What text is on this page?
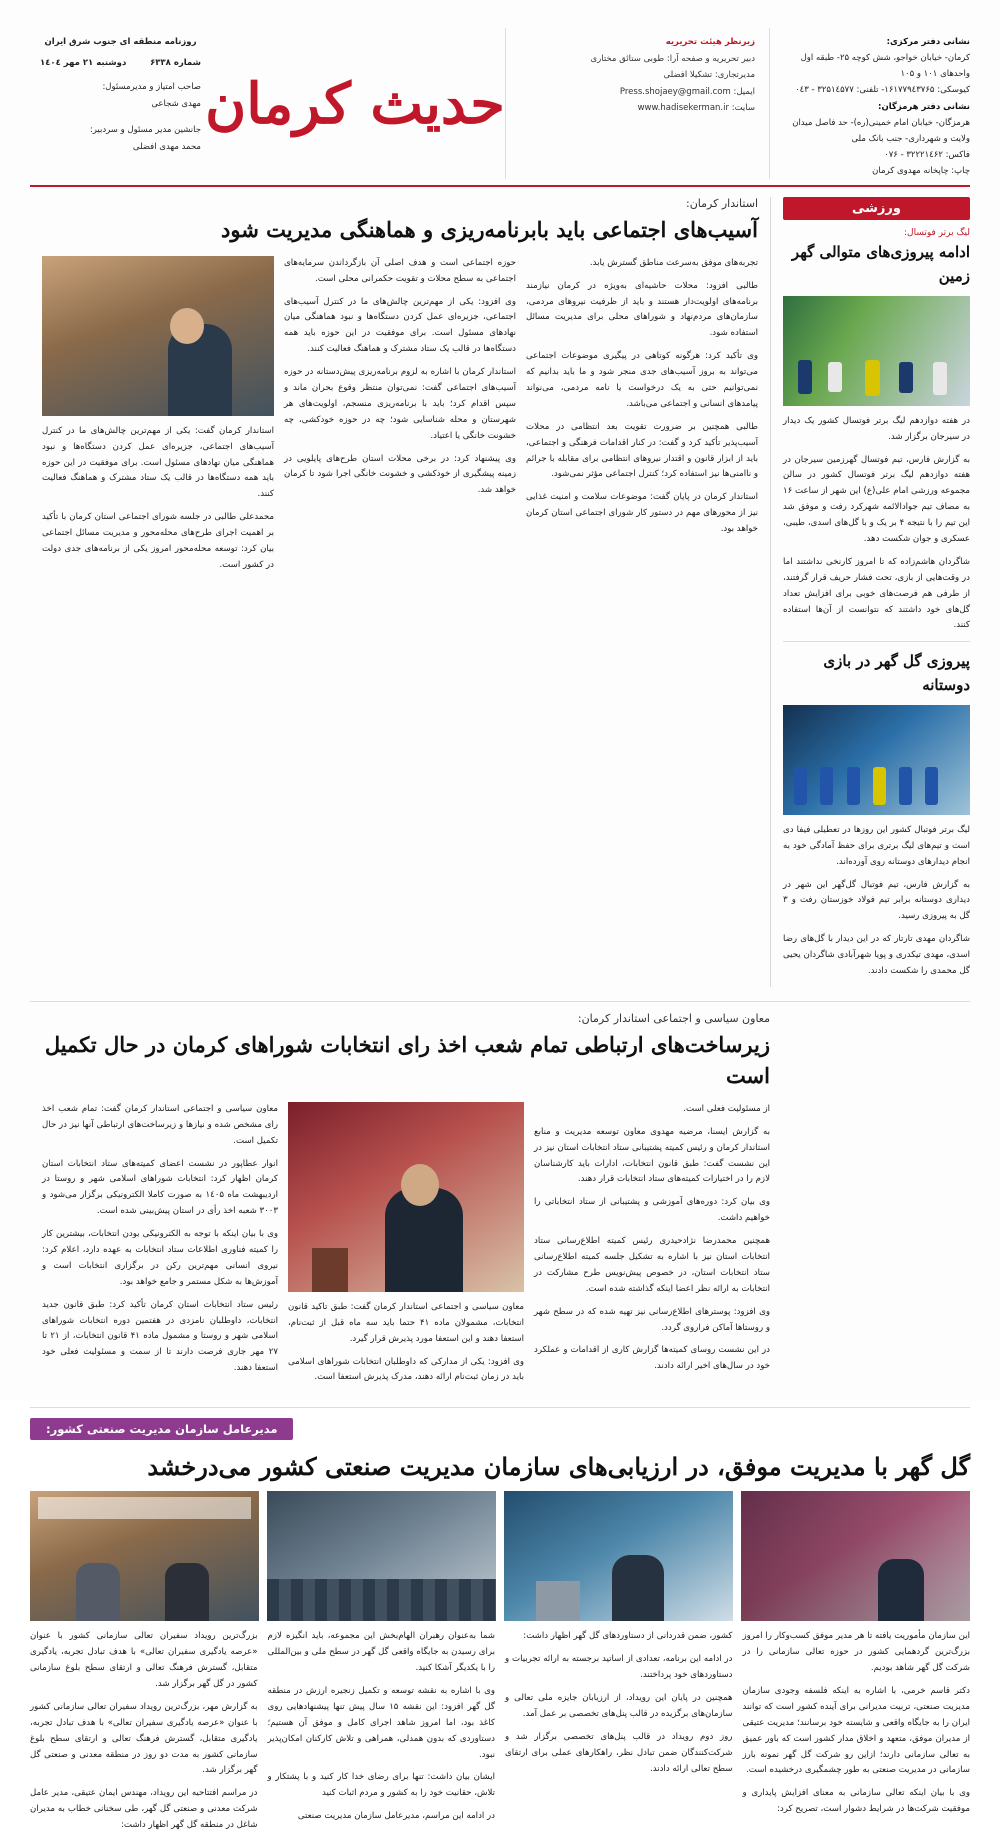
روزنامه منطقه ای جنوب شرق ایران
شماره ۶۳۳۸
دوشنبه ۲۱ مهر ۱٤۰٤
صاحب امتیاز و مدیرمسئول:
مهدی شجاعی
جانشین مدیر مسئول و سردبیر:
محمد مهدی افضلی
حدیث کرمان
زیرنظر هیئت تحریریه
دبیر تحریریه و صفحه آرا: طوبی ستائق مختاری
مدیرتجاری: تشکیلا افضلی
ایمیل: Press.shojaey@gmail.com
سایت: www.hadisekerman.ir
نشانی دفتر مرکزی:
کرمان- خیابان خواجو، شش کوچه ۲۵- طبقه اول واحدهای ۱۰۱ و ۱۰۵
کیوسکی: ۱۶۱۷۷۹٤۳۷۶۵- تلفنی: ۳۲۵۱٤۵۷۷ - ۰٤۳
نشانی دفتر هرمزگان:
هرمزگان- خیابان امام خمینی(ره)- حد فاصل میدان ولایت و شهرداری- جنب بانک ملی
فاکس: ۳۲۲۲۱٤۶۲ - ۰۷۶
چاپ: چاپخانه مهدوی کرمان
ورزشی
لیگ برتر فوتسال:
ادامه پیروزی‌های متوالی گهر زمین

در هفته دوازدهم لیگ برتر فوتسال کشور یک دیدار در سیرجان برگزار شد.

به گزارش فارس، تیم فوتسال گهرزمین سیرجان در هفته دوازدهم لیگ برتر فوتسال کشور در سالن مجموعه ورزشی امام علی(ع) این شهر از ساعت ۱۶ به مصاف تیم جوادالائمه شهرکرد رفت و موفق شد این تیم را با نتیجه ۴ بر یک و با گل‌های اسدی، طیبی، عسکری و جوان شکست دهد.

شاگردان هاشم‌زاده که تا امروز کارنخی نداشتند اما در وقت‌هایی از بازی، تحت فشار حریف قرار گرفتند، از طرفی هم فرصت‌های خوبی برای افزایش تعداد گل‌های خود داشتند که نتوانست از آن‌ها استفاده کنند.

پیروزی گل گهر در بازی دوستانه

لیگ برتر فوتبال کشور این روزها در تعطیلی فیفا دی است و تیم‌های لیگ برتری برای حفظ آمادگی خود به انجام دیدارهای دوستانه روی آورده‌اند.

به گزارش فارس، تیم فوتبال گل‌گهر این شهر در دیداری دوستانه برابر تیم فولاد خوزستان رفت و ۳ گل به پیروزی رسید.

شاگردان مهدی تارتار که در این دیدار با گل‌های رضا اسدی، مهدی تیکدری و پویا شهرآبادی شاگردان یحیی گل محمدی را شکست دادند.

استاندار کرمان:
آسیب‌های اجتماعی باید بابرنامه‌ریزی و هماهنگی مدیریت شود

تجربه‌های موفق به‌سرعت مناطق گسترش یابد.

طالبی افزود: محلات حاشیه‌ای به‌ویژه در کرمان نیازمند برنامه‌های اولویت‌دار هستند و باید از ظرفیت نیروهای مردمی، سازمان‌های مردم‌نهاد و شوراهای محلی برای مدیریت مسائل استفاده شود.

وی تأکید کرد: هرگونه کوتاهی در پیگیری موضوعات اجتماعی می‌تواند به بروز آسیب‌های جدی منجر شود و ما باید بدانیم که نمی‌توانیم حتی به یک درخواست یا نامه مردمی، می‌نواند پیامدهای انسانی و اجتماعی می‌باشد.

طالبی همچنین بر ضرورت تقویت بعد انتظامی در محلات آسیب‌پذیر تأکید کرد و گفت: در کنار اقدامات فرهنگی و اجتماعی، باید از ابزار قانون و اقتدار نیروهای انتظامی برای مقابله با جرائم و ناامنی‌ها نیز استفاده کرد؛ کنترل اجتماعی مؤثر نمی‌شود.

استاندار کرمان در پایان گفت: موضوعات سلامت و امنیت غذایی نیز از محورهای مهم در دستور کار شورای اجتماعی استان کرمان خواهد بود.

حوزه اجتماعی است و هدف اصلی آن بازگرداندن سرمایه‌های اجتماعی به سطح محلات و تقویت حکمرانی محلی است.

وی افزود: یکی از مهم‌ترین چالش‌های ما در کنترل آسیب‌های اجتماعی، جزیره‌ای عمل کردن دستگاه‌ها و نبود هماهنگی میان نهادهای مسئول است. برای موفقیت در این حوزه باید همه دستگاه‌ها در قالب یک ستاد مشترک و هماهنگ فعالیت کنند.

استاندار کرمان با اشاره به لزوم برنامه‌ریزی پیش‌دستانه در حوزه آسیب‌های اجتماعی گفت: نمی‌توان منتظر وقوع بحران ماند و سپس اقدام کرد؛ باید با برنامه‌ریزی منسجم، اولویت‌های هر شهرستان و محله شناسایی شود؛ چه در حوزه خودکشی، چه خشونت خانگی یا اعتیاد.

وی پیشنهاد کرد: در برخی محلات استان طرح‌های پایلویی در زمینه پیشگیری از خودکشی و خشونت خانگی اجرا شود تا کرمان خواهد شد.

استاندار کرمان گفت: یکی از مهم‌ترین چالش‌های ما در کنترل آسیب‌های اجتماعی، جزیره‌ای عمل کردن دستگاه‌ها و نبود هماهنگی میان نهادهای مسئول است. برای موفقیت در این حوزه باید همه دستگاه‌ها در قالب یک ستاد مشترک و هماهنگ فعالیت کنند.

محمدعلی طالبی در جلسه شورای اجتماعی استان کرمان با تأکید بر اهمیت اجرای طرح‌های محله‌محور و مدیریت مسائل اجتماعی بیان کرد: توسعه محله‌محور امروز یکی از برنامه‌های جدی دولت در کشور است.

معاون سیاسی و اجتماعی استاندار کرمان:
زیرساخت‌های ارتباطی تمام شعب اخذ رای انتخابات شوراهای کرمان در حال تکمیل است

از مسئولیت فعلی است.

به گزارش ایسنا، مرضیه مهدوی معاون توسعه مدیریت و منابع استاندار کرمان و رئیس کمیته پشتیبانی ستاد انتخابات استان نیز در این نشست گفت: طبق قانون انتخابات، ادارات باید کارشناسان لازم را در اختیارات کمیته‌های ستاد انتخابات قرار دهند.

وی بیان کرد: دوره‌های آموزشی و پشتیبانی از ستاد انتخاباتی را خواهیم داشت.

همچنین محمدرضا نژادحیدری رئیس کمیته اطلاع‌رسانی ستاد انتخابات استان نیز با اشاره به تشکیل جلسه کمیته اطلاع‌رسانی ستاد انتخابات استان، در خصوص پیش‌نویس طرح مشارکت در انتخابات به ارائه نظر اعضا اینکه گذاشته شده است.

وی افزود: پوسترهای اطلاع‌رسانی نیز تهیه شده که در سطح شهر و روستاها آماکن فراروی گردد.

در این نشست روسای کمیته‌ها گزارش کاری از اقدامات و عملکرد خود در سال‌های اخیر ارائه دادند.

معاون سیاسی و اجتماعی استاندار کرمان گفت: طبق تاکید قانون انتخابات، مشمولان ماده ۴۱ حتما باید سه ماه قبل از ثبت‌نام، استعفا دهند و این استعفا مورد پذیرش قرار گیرد.

وی افزود: یکی از مدارکی که داوطلبان انتخابات شوراهای اسلامی باید در زمان ثبت‌نام ارائه دهند، مدرک پذیرش استعفا است.

معاون سیاسی و اجتماعی استاندار کرمان گفت: تمام شعب اخذ رای مشخص شده و نیازها و زیرساخت‌های ارتباطی آنها نیز در حال تکمیل است.

انوار عطاپور در نشست اعضای کمیته‌های ستاد انتخابات استان کرمان اظهار کرد: انتخابات شوراهای اسلامی شهر و روستا در اردیبهشت ماه ۱٤۰۵ به صورت کاملا الکترونیکی برگزار می‌شود و ۳۰۰۳ شعبه اخذ رأی در استان پیش‌بینی شده است.

وی با بیان اینکه با توجه به الکترونیکی بودن انتخابات، بیشترین کار را کمیته فناوری اطلاعات ستاد انتخابات به عهده دارد، اعلام کرد: نیروی انسانی مهم‌ترین رکن در برگزاری انتخابات است و آموزش‌ها به شکل مستمر و جامع خواهد بود.

رئیس ستاد انتخابات استان کرمان تأکید کرد: طبق قانون جدید انتخابات، داوطلبان نامزدی در هفتمین دوره انتخابات شوراهای اسلامی شهر و روستا و مشمول ماده ۴۱ قانون انتخابات، از ۲۱ تا ۲۷ مهر جاری فرصت دارند تا از سمت و مسئولیت فعلی خود استعفا دهند.

مدیرعامل سازمان مدیریت صنعتی کشور:
گل گهر با مدیریت موفق، در ارزیابی‌های سازمان مدیریت صنعتی کشور می‌درخشد

این سازمان مأموریت یافته تا هر مدیر موفق کسب‌وکار را امروز بزرگ‌ترین گردهمایی کشور در حوزه تعالی سازمانی را در شرکت گل گهر شاهد بودیم.

دکتر قاسم خرمی، با اشاره به اینکه فلسفه وجودی سازمان مدیریت صنعتی، تربیت مدیرانی برای آینده کشور است که توانند ایران را به جایگاه واقعی و شایسته خود برسانند؛ مدیریت عتیقی از مدیران موفق، متعهد و اخلاق مدار کشور است که باور عمیق به تعالی سازمانی دارند؛ ازاین رو شرکت گل گهر نمونه بارز سازمانی در مدیریت صنعتی به طور چشمگیری درخشیده است.

وی با بیان اینکه تعالی سازمانی به معنای افزایش پایداری و موفقیت شرکت‌ها در شرایط دشوار است، تصریح کرد:

کشور، ضمن قدردانی از دستاوردهای گل گهر اظهار داشت:

در ادامه این برنامه، تعدادی از اساتید برجسته به ارائه تجربیات و دستاوردهای خود پرداختند.

همچنین در پایان این رویداد، از ارزیابان جایزه ملی تعالی و سازمان‌های برگزیده در قالب پنل‌های تخصصی بر عمل آمد.

روز دوم رویداد در قالب پنل‌های تخصصی برگزار شد و شرکت‌کنندگان ضمن تبادل نظر، راهکارهای عملی برای ارتقای سطح تعالی ارائه دادند.

شما به‌عنوان رهبران الهام‌بخش این مجموعه، باید انگیزه لازم برای رسیدن به جایگاه واقعی گل گهر در سطح ملی و بین‌المللی را با یکدیگر آشکا کنید.

وی با اشاره به نقشه توسعه و تکمیل زنجیره ارزش در منطقه گل گهر افزود: این نقشه ۱۵ سال پیش تنها پیشنهادهایی روی کاغذ بود، اما امروز شاهد اجرای کامل و موفق آن هستیم؛ دستاوردی که بدون همدلی، همراهی و تلاش کارکنان امکان‌پذیر نبود.

ایشان بیان داشت: تنها برای رضای خدا کار کنید و با پشتکار و تلاش، حقانیت خود را به کشور و مردم اثبات کنید

در ادامه این مراسم، مدیرعامل سازمان مدیریت صنعتی

بزرگ‌ترین رویداد سفیران تعالی سازمانی کشور با عنوان «عرصه یادگیری سفیران تعالی» با هدف تبادل تجربه، یادگیری متقابل، گسترش فرهنگ تعالی و ارتقای سطح بلوغ سازمانی کشور در گل گهر برگزار شد.

به گزارش مهر، بزرگ‌ترین رویداد سفیران تعالی سازمانی کشور با عنوان «عرصه یادگیری سفیران تعالی» با هدف تبادل تجربه، یادگیری متقابل، گسترش فرهنگ تعالی و ارتقای سطح بلوغ سازمانی کشور به مدت دو روز در منطقه معدنی و صنعتی گل گهر برگزار شد.

در مراسم افتتاحیه این رویداد، مهندس ایمان عتیقی، مدیر عامل شرکت معدنی و صنعتی گل گهر، طی سخنانی خطاب به مدیران شاغل در منطقه گل گهر اظهار داشت:
